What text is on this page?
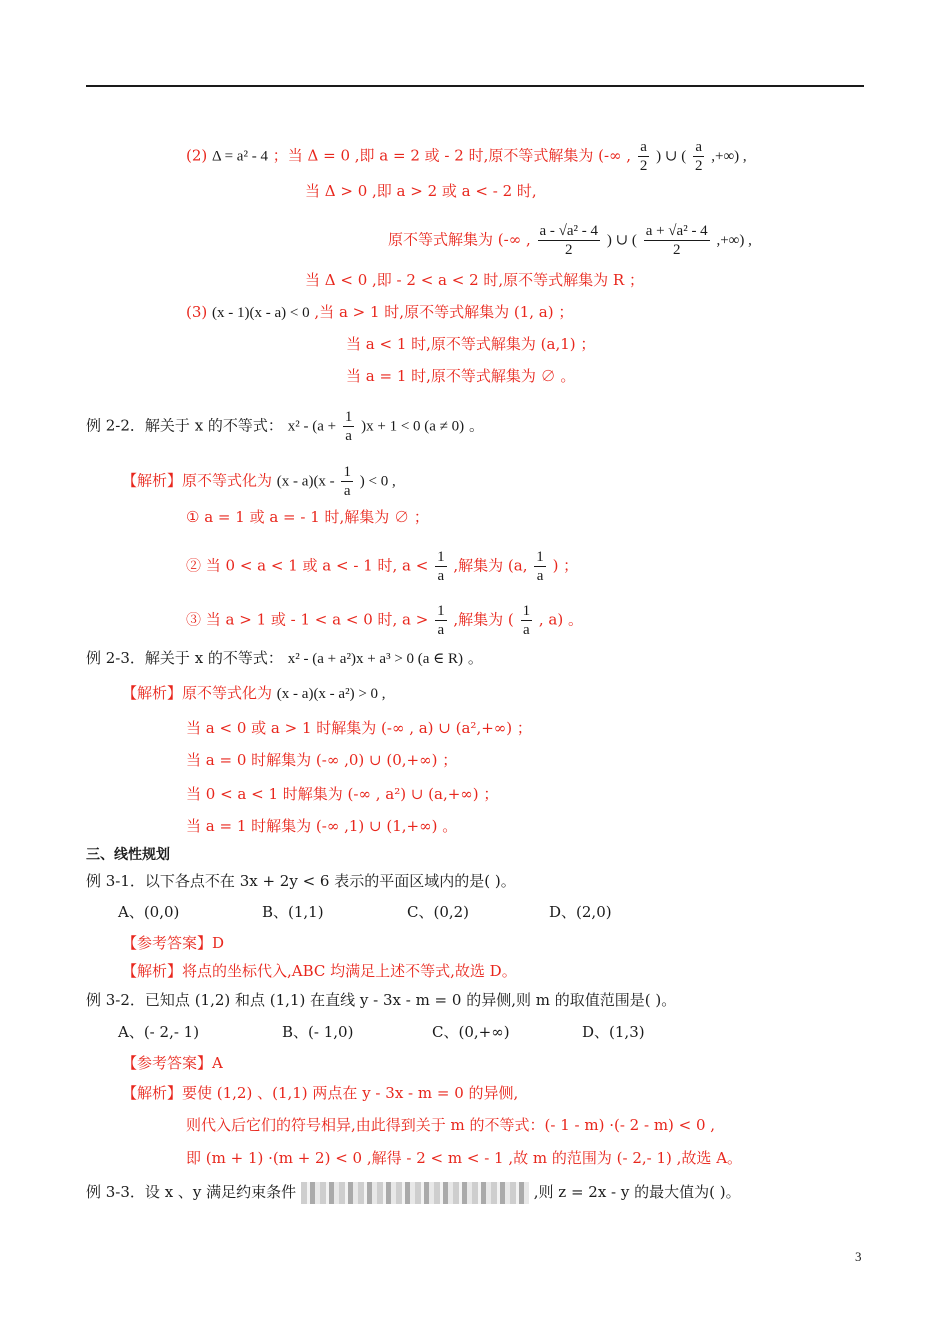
(2) Δ = a² - 4 ；当 Δ = 0 ,即 a = 2 或 - 2 时,原不等式解集为 (-∞ , $\frac{a}{2}$ ) ∪ ( $\frac{a}{2}$ ,+∞) ,
当 Δ > 0 ,即 a > 2 或 a < - 2 时,
原不等式解集为 (-∞ , $\frac{\text{a - √a² - 4}}{2}$ ) ∪ ( $\frac{\text{a + √a² - 4}}{2}$ ,+∞) ,
当 Δ < 0 ,即 - 2 < a < 2 时,原不等式解集为 R ；
(3) (x - 1)(x - a) < 0 ,当 a > 1 时,原不等式解集为 (1, a) ；
当 a < 1 时,原不等式解集为 (a,1) ；
当 a = 1 时,原不等式解集为 ∅ 。
例 2-2．解关于 x 的不等式： $x^2 - (a + \frac{1}{a} )x + 1 < 0$ (a ≠ 0) 。
【解析】原不等式化为 $(x - a)(x - \frac{1}{a}$ ) < 0 ,
① a = 1 或 a = - 1 时,解集为 ∅ ；
② 当 0 < a < 1 或 a < - 1 时, $a < \frac{1}{a}$ ,解集为 (a, $\frac{1}{a}$ ) ；
③ 当 a > 1 或 - 1 < a < 0 时, $a > \frac{1}{a}$ ,解集为 ( $\frac{1}{a}$ , a) 。
例 2-3．解关于 x 的不等式： x² - (a + a²)x + a³ > 0 (a ∈ R) 。
【解析】原不等式化为 (x - a)(x - a²) > 0 ,
当 a < 0 或 a > 1 时解集为 (-∞ , a) ∪ (a²,+∞) ；
当 a = 0 时解集为 (-∞ ,0) ∪ (0,+∞) ；
当 0 < a < 1 时解集为 (-∞ , a²) ∪ (a,+∞) ；
当 a = 1 时解集为 (-∞ ,1) ∪ (1,+∞) 。
三、线性规划
例 3-1．以下各点不在 3x + 2y < 6 表示的平面区域内的是( )。
A、(0,0)	B、(1,1)	C、(0,2)	D、(2,0)
【参考答案】D
【解析】将点的坐标代入,ABC 均满足上述不等式,故选 D。
例 3-2．已知点 (1,2) 和点 (1,1) 在直线 y - 3x - m = 0 的异侧,则 m 的取值范围是( )。
A、(- 2,- 1)	B、(- 1,0)	C、(0,+∞)	D、(1,3)
【参考答案】A
【解析】要使 (1,2) 、(1,1) 两点在 y - 3x - m = 0 的异侧,
则代入后它们的符号相异,由此得到关于 m 的不等式：(- 1 - m) ·(- 2 - m) < 0 ,
即 (m + 1) ·(m + 2) < 0 ,解得 - 2 < m < - 1 ,故 m 的范围为 (- 2,- 1) ,故选 A。
例 3-3．设 x 、y 满足约束条件	,则 z = 2x - y 的最大值为( )。
3
